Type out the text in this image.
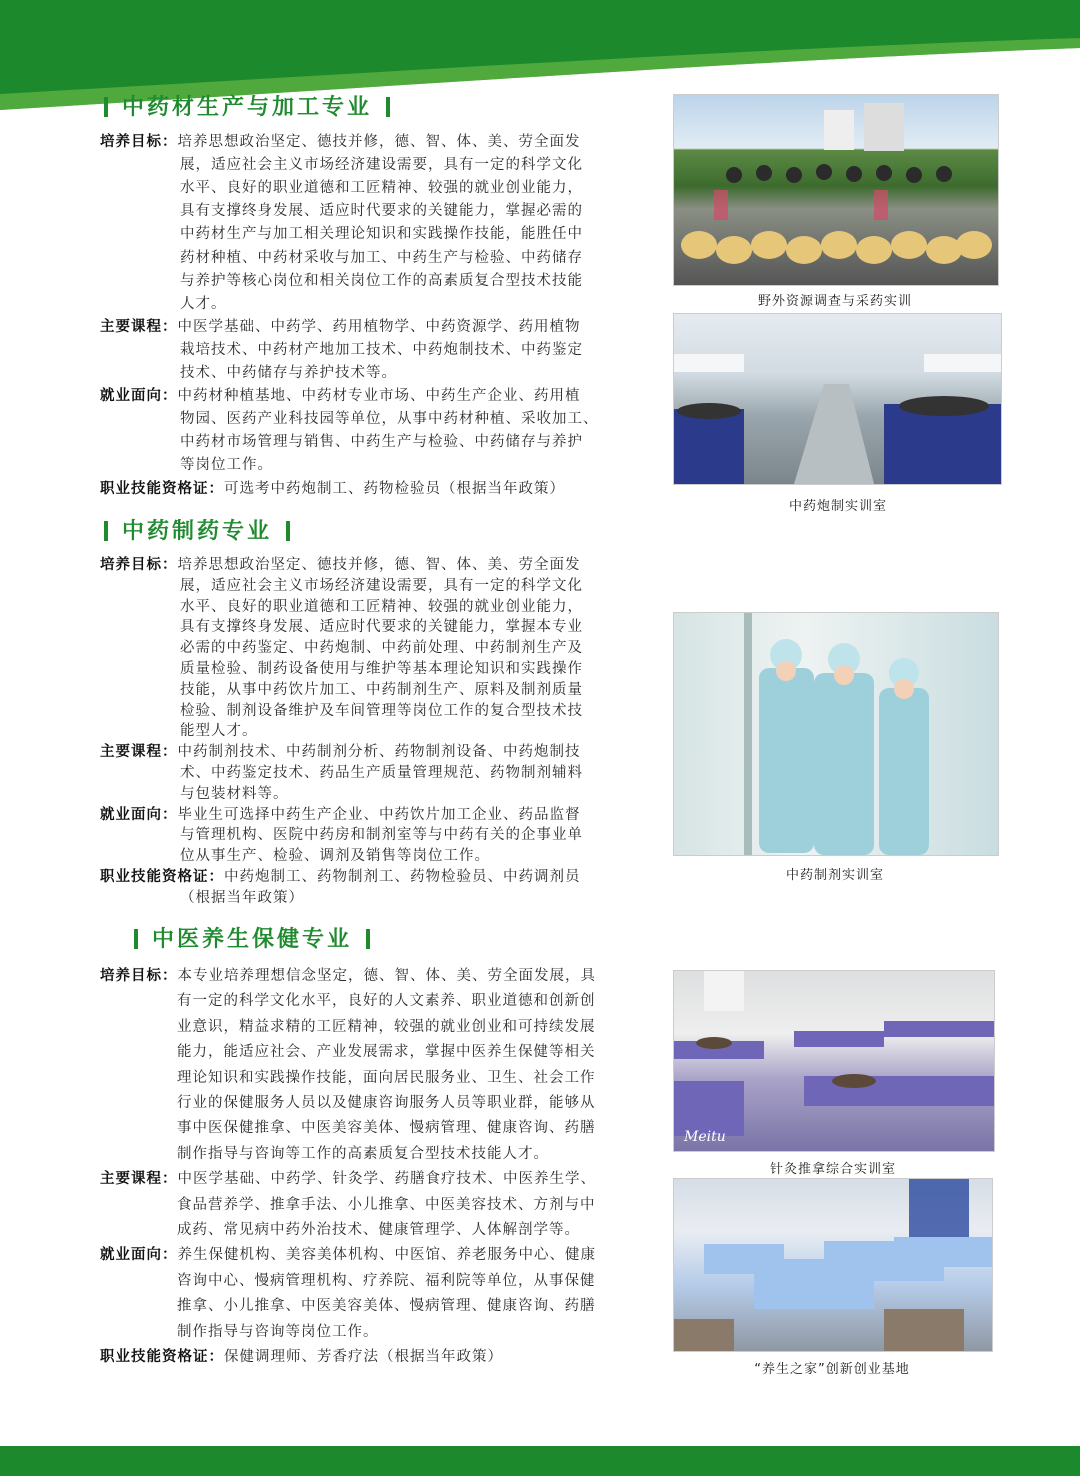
中药材生产与加工专业
培养目标：培养思想政治坚定、德技并修，德、智、体、美、劳全面发
展，适应社会主义市场经济建设需要，具有一定的科学文化
水平、良好的职业道德和工匠精神、较强的就业创业能力，
具有支撑终身发展、适应时代要求的关键能力，掌握必需的
中药材生产与加工相关理论知识和实践操作技能，能胜任中
药材种植、中药材采收与加工、中药生产与检验、中药储存
与养护等核心岗位和相关岗位工作的高素质复合型技术技能
人才。
主要课程：中医学基础、中药学、药用植物学、中药资源学、药用植物
栽培技术、中药材产地加工技术、中药炮制技术、中药鉴定
技术、中药储存与养护技术等。
就业面向：中药材种植基地、中药材专业市场、中药生产企业、药用植
物园、医药产业科技园等单位，从事中药材种植、采收加工、
中药材市场管理与销售、中药生产与检验、中药储存与养护
等岗位工作。
职业技能资格证：可选考中药炮制工、药物检验员（根据当年政策）
中药制药专业
培养目标：培养思想政治坚定、德技并修，德、智、体、美、劳全面发
展，适应社会主义市场经济建设需要，具有一定的科学文化
水平、良好的职业道德和工匠精神、较强的就业创业能力，
具有支撑终身发展、适应时代要求的关键能力，掌握本专业
必需的中药鉴定、中药炮制、中药前处理、中药制剂生产及
质量检验、制药设备使用与维护等基本理论知识和实践操作
技能，从事中药饮片加工、中药制剂生产、原料及制剂质量
检验、制剂设备维护及车间管理等岗位工作的复合型技术技
能型人才。
主要课程：中药制剂技术、中药制剂分析、药物制剂设备、中药炮制技
术、中药鉴定技术、药品生产质量管理规范、药物制剂辅料
与包装材料等。
就业面向：毕业生可选择中药生产企业、中药饮片加工企业、药品监督
与管理机构、医院中药房和制剂室等与中药有关的企事业单
位从事生产、检验、调剂及销售等岗位工作。
职业技能资格证：中药炮制工、药物制剂工、药物检验员、中药调剂员
（根据当年政策）
中医养生保健专业
培养目标：本专业培养理想信念坚定，德、智、体、美、劳全面发展，具
有一定的科学文化水平，良好的人文素养、职业道德和创新创
业意识，精益求精的工匠精神，较强的就业创业和可持续发展
能力，能适应社会、产业发展需求，掌握中医养生保健等相关
理论知识和实践操作技能，面向居民服务业、卫生、社会工作
行业的保健服务人员以及健康咨询服务人员等职业群，能够从
事中医保健推拿、中医美容美体、慢病管理、健康咨询、药膳
制作指导与咨询等工作的高素质复合型技术技能人才。
主要课程：中医学基础、中药学、针灸学、药膳食疗技术、中医养生学、
食品营养学、推拿手法、小儿推拿、中医美容技术、方剂与中
成药、常见病中药外治技术、健康管理学、人体解剖学等。
就业面向：养生保健机构、美容美体机构、中医馆、养老服务中心、健康
咨询中心、慢病管理机构、疗养院、福利院等单位，从事保健
推拿、小儿推拿、中医美容美体、慢病管理、健康咨询、药膳
制作指导与咨询等岗位工作。
职业技能资格证：保健调理师、芳香疗法（根据当年政策）
野外资源调查与采药实训
中药炮制实训室
中药制剂实训室
Meitu
针灸推拿综合实训室
“养生之家”创新创业基地
